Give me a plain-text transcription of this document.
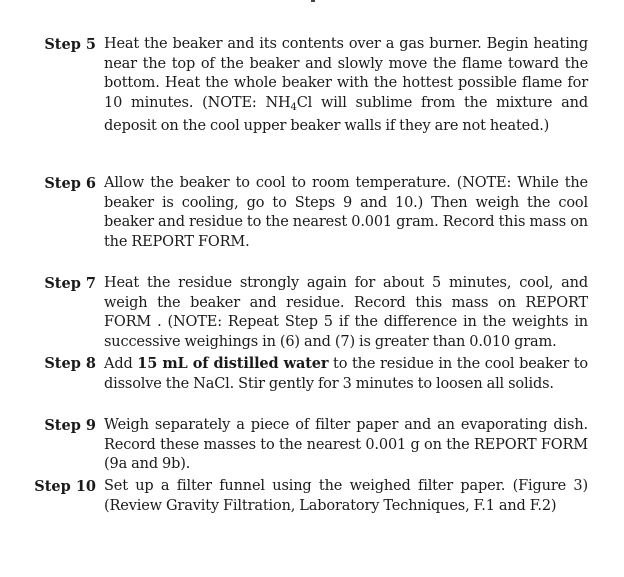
Step 5 Heat the beaker and its contents over a gas burner. Begin heating near the top of the beaker and slowly move the flame toward the bottom. Heat the whole beaker with the hottest possible flame for 10 minutes. (NOTE: $NH_4Cl$ will sublime from the mixture and deposit on the cool upper beaker walls if they are not heated.)
Step 6 Allow the beaker to cool to room temperature. (NOTE: While the beaker is cooling, go to Steps 9 and 10.) Then weigh the cool beaker and residue to the nearest 0.001 gram. Record this mass on the REPORT FORM.
Step 7 Heat the residue strongly again for about 5 minutes, cool, and weigh the beaker and residue. Record this mass on REPORT FORM . (NOTE: Repeat Step 5 if the difference in the weights in successive weighings in (6) and (7) is greater than 0.010 gram.
Step 8 Add 15 mL of distilled water to the residue in the cool beaker to dissolve the NaCl. Stir gently for 3 minutes to loosen all solids.
Step 9 Weigh separately a piece of filter paper and an evaporating dish. Record these masses to the nearest 0.001 g on the REPORT FORM (9a and 9b).
Step 10 Set up a filter funnel using the weighed filter paper. (Figure 3) (Review Gravity Filtration, Laboratory Techniques, F.1 and F.2)
